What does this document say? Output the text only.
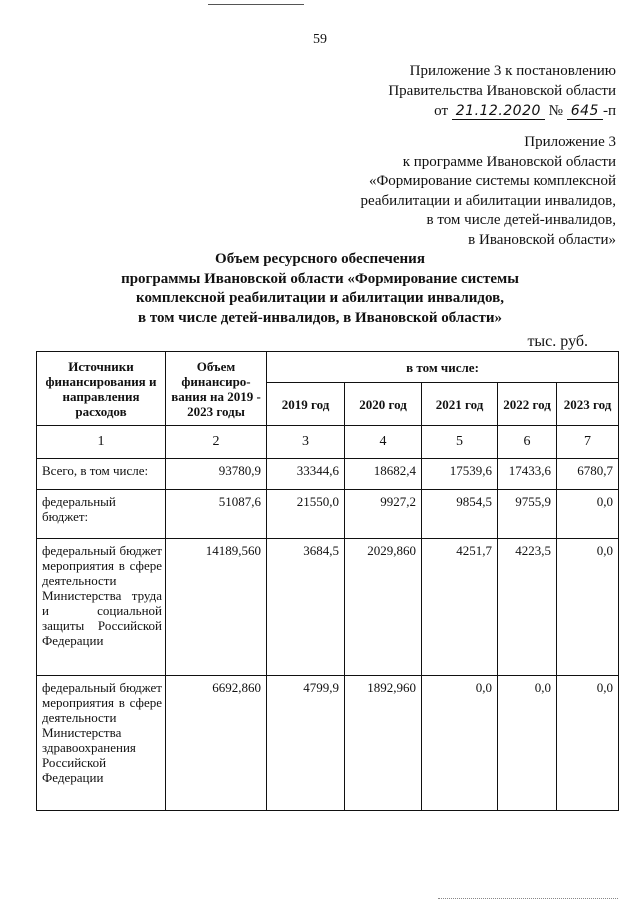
59
Приложение 3 к постановлению
Правительства Ивановской области
от 21.12.2020 № 645 -п
Приложение 3
к программе Ивановской области
«Формирование системы комплексной
реабилитации и абилитации инвалидов,
в том числе детей-инвалидов,
в Ивановской области»
Объем ресурсного обеспечения
программы Ивановской области «Формирование системы
комплексной реабилитации и абилитации инвалидов,
в том числе детей-инвалидов, в Ивановской области»
тыс. руб.
Источники финансирования и направления расходов	Объем финансиро-вания на 2019 - 2023 годы	в том числе:				
		2019 год	2020 год	2021 год	2022 год	2023 год
1	2	3	4	5	6	7
Всего, в том числе:	93780,9	33344,6	18682,4	17539,6	17433,6	6780,7
федеральный бюджет:	51087,6	21550,0	9927,2	9854,5	9755,9	0,0
федеральный бюджет мероприятия в сфере деятельности Министерства труда и социальной защиты Российской Федерации	14189,560	3684,5	2029,860	4251,7	4223,5	0,0
федеральный бюджет мероприятия в сфере деятельности Министерства здравоохранения Российской Федерации	6692,860	4799,9	1892,960	0,0	0,0	0,0
